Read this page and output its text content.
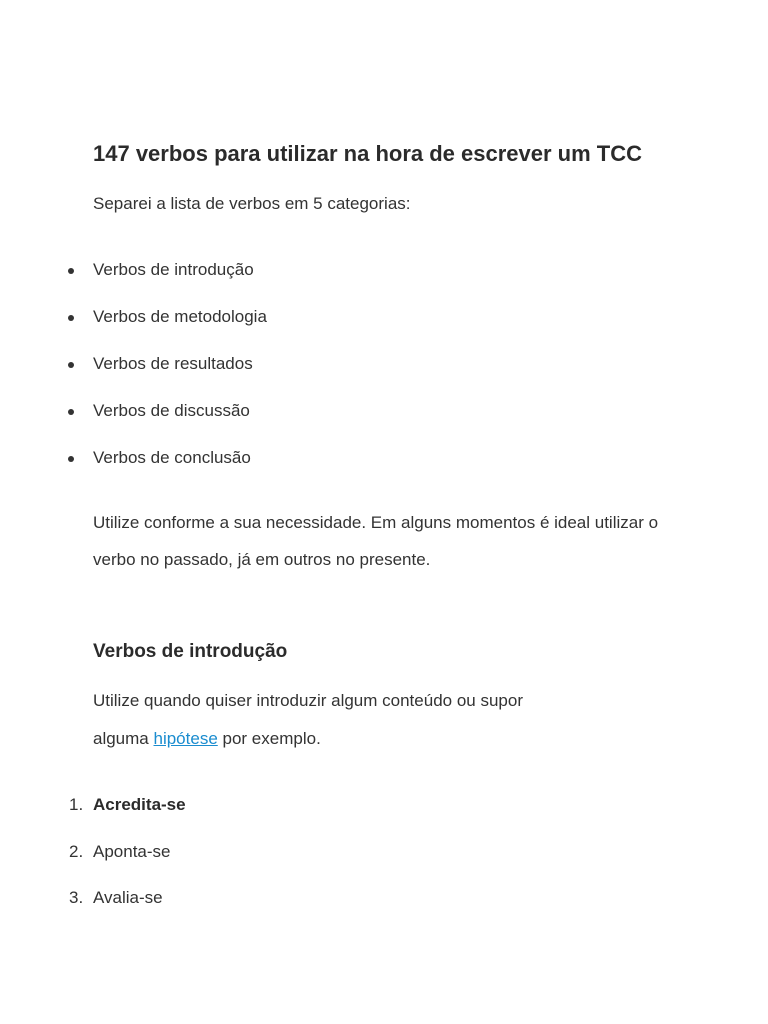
147 verbos para utilizar na hora de escrever um TCC

Separei a lista de verbos em 5 categorias:

Verbos de introdução
Verbos de metodologia
Verbos de resultados
Verbos de discussão
Verbos de conclusão
Utilize conforme a sua necessidade. Em alguns momentos é ideal utilizar o
verbo no passado, já em outros no presente.
Verbos de introdução
Utilize quando quiser introduzir algum conteúdo ou supor
alguma hipótese por exemplo.
1. Acredita-se
2. Aponta-se
3. Avalia-se
